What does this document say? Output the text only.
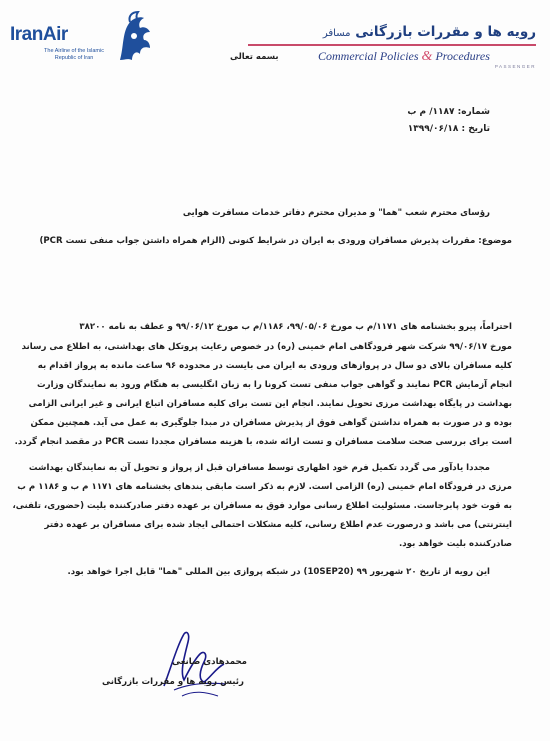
IranAir
The Airline of the Islamic Republic of Iran
رویه ها و مقررات بازرگانی مسافر
Commercial Policies & Procedures
PASSENGER
بسمه تعالی
شماره: ۱۱۸۷/ م ب
تاریخ : ۱۳۹۹/۰۶/۱۸
رؤسای محترم شعب "هما" و مدیران محترم دفاتر خدمات مسافرت هوایی
موضوع: مقررات پذیرش مسافران ورودی به ایران در شرایط کنونی (الزام همراه داشتن جواب منفی تست PCR)
احتراماً، پیرو بخشنامه های ۱۱۷۱/م ب مورخ ۹۹/۰۵/۰۶، ۱۱۸۶/م ب مورخ ۹۹/۰۶/۱۲ و عطف به نامه ۳۸۲۰۰
مورخ ۹۹/۰۶/۱۷ شرکت شهر فرودگاهی امام خمینی (ره) در خصوص رعایت پروتکل های بهداشتی، به اطلاع می رساند
کلیه مسافران بالای دو سال در پروازهای ورودی به ایران می بایست در محدوده ۹۶ ساعت مانده به پرواز اقدام به
انجام آزمایش PCR نمایند و گواهی جواب منفی تست کرونا را به زبان انگلیسی به هنگام ورود به نمایندگان وزارت
بهداشت در پایگاه بهداشت مرزی تحویل نمایند. انجام این تست برای کلیه مسافران اتباع ایرانی و غیر ایرانی الزامی
بوده و در صورت به همراه نداشتن گواهی فوق از پذیرش مسافران در مبدا جلوگیری به عمل می آید. همچنین ممکن
است برای بررسی صحت سلامت مسافران و تست ارائه شده، با هزینه مسافران مجددا تست PCR در مقصد انجام گردد.
مجددا یادآور می گردد تکمیل فرم خود اظهاری توسط مسافران قبل از پرواز و تحویل آن به نمایندگان بهداشت
مرزی در فرودگاه امام خمینی (ره) الزامی است. لازم به ذکر است مابقی بندهای بخشنامه های ۱۱۷۱ م ب و ۱۱۸۶ م ب
به قوت خود پابرجاست. مسئولیت اطلاع رسانی موارد فوق به مسافران بر عهده دفتر صادرکننده بلیت (حضوری، تلفنی،
اینترنتی) می باشد و درصورت عدم اطلاع رسانی، کلیه مشکلات احتمالی ایجاد شده برای مسافران بر عهده دفتر
صادرکننده بلیت خواهد بود.
این رویه از تاریخ ۲۰ شهریور ۹۹ (10SEP20) در شبکه پروازی بین المللی "هما" قابل اجرا خواهد بود.
محمدهادی صانعی
رئیس رویه ها و مقررات بازرگانی
